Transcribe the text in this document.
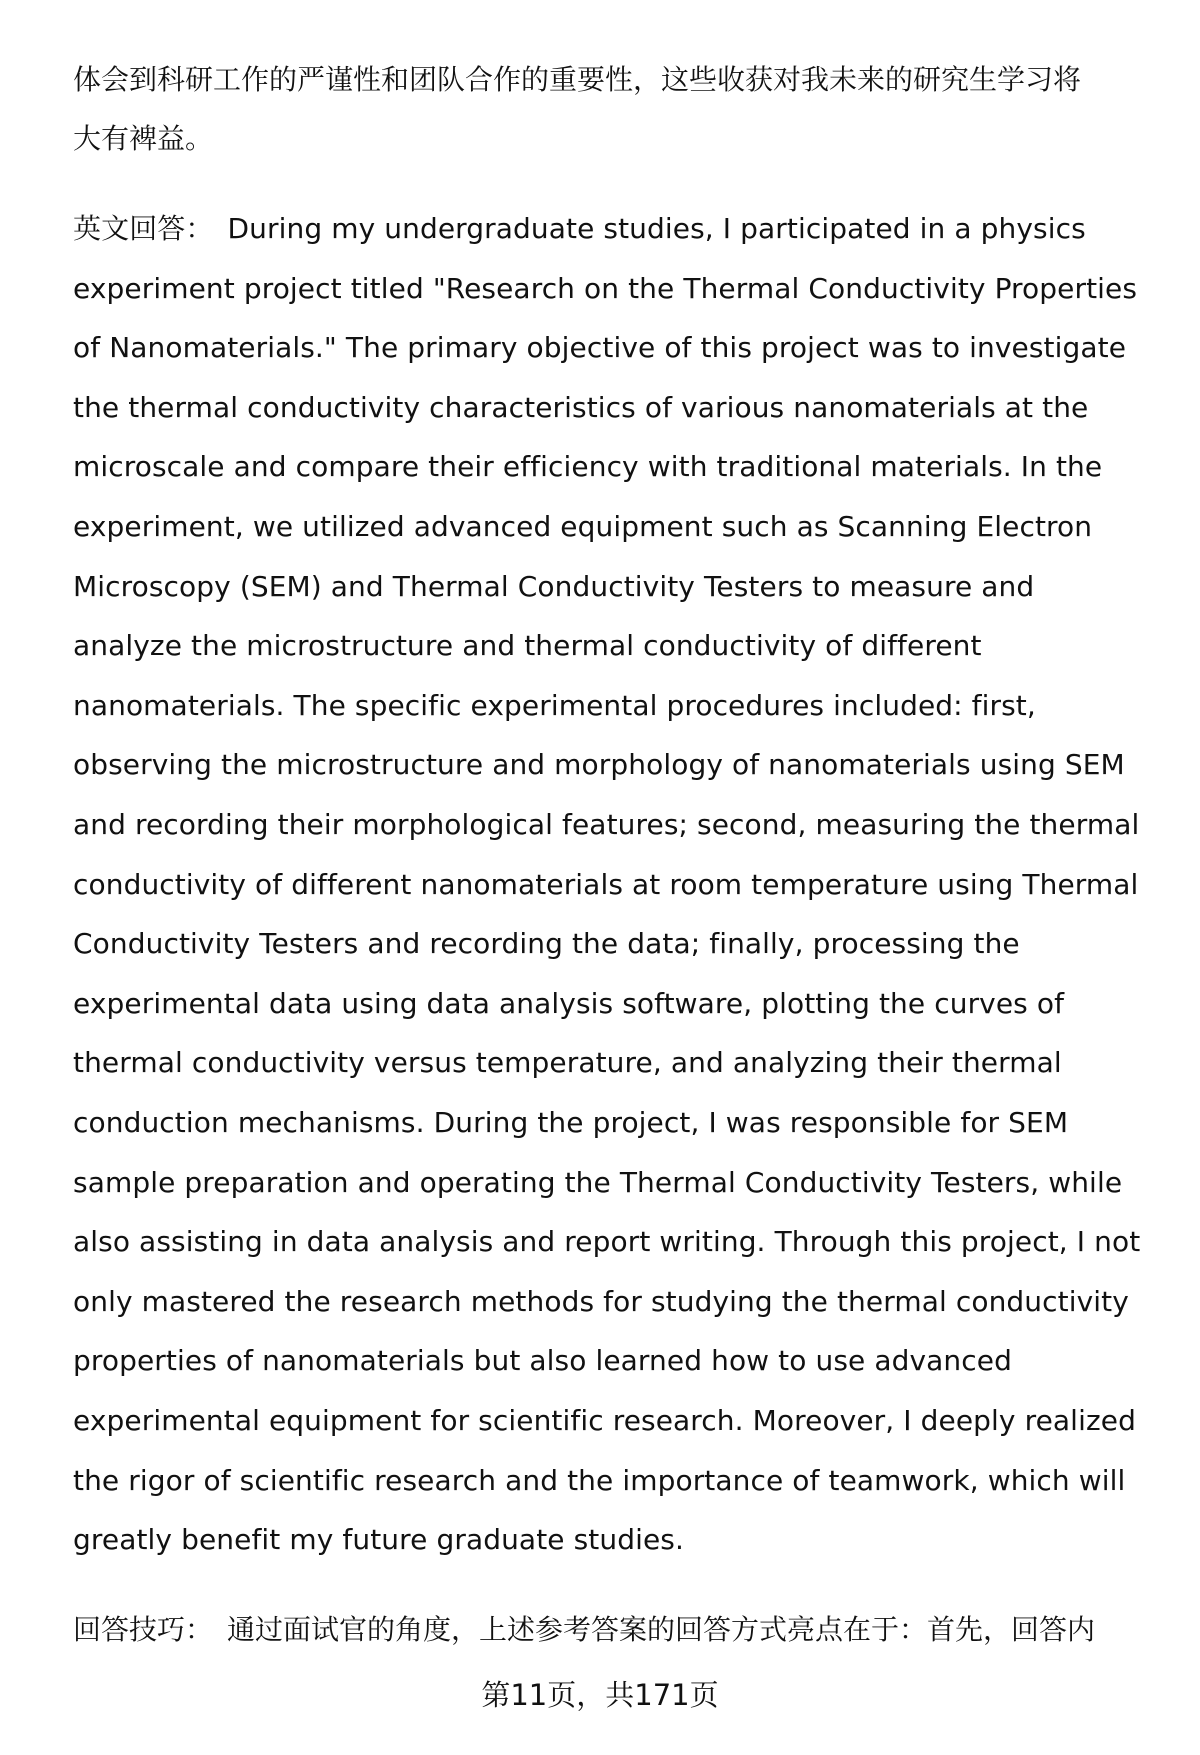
体会到科研工作的严谨性和团队合作的重要性，这些收获对我未来的研究生学习将
大有裨益。
英文回答： During my undergraduate studies, I participated in a physics
experiment project titled "Research on the Thermal Conductivity Properties
of Nanomaterials." The primary objective of this project was to investigate
the thermal conductivity characteristics of various nanomaterials at the
microscale and compare their efficiency with traditional materials. In the
experiment, we utilized advanced equipment such as Scanning Electron
Microscopy (SEM) and Thermal Conductivity Testers to measure and
analyze the microstructure and thermal conductivity of different
nanomaterials. The specific experimental procedures included: first,
observing the microstructure and morphology of nanomaterials using SEM
and recording their morphological features; second, measuring the thermal
conductivity of different nanomaterials at room temperature using Thermal
Conductivity Testers and recording the data; finally, processing the
experimental data using data analysis software, plotting the curves of
thermal conductivity versus temperature, and analyzing their thermal
conduction mechanisms. During the project, I was responsible for SEM
sample preparation and operating the Thermal Conductivity Testers, while
also assisting in data analysis and report writing. Through this project, I not
only mastered the research methods for studying the thermal conductivity
properties of nanomaterials but also learned how to use advanced
experimental equipment for scientific research. Moreover, I deeply realized
the rigor of scientific research and the importance of teamwork, which will
greatly benefit my future graduate studies.
回答技巧： 通过面试官的角度，上述参考答案的回答方式亮点在于：首先，回答内
第11页，共171页
